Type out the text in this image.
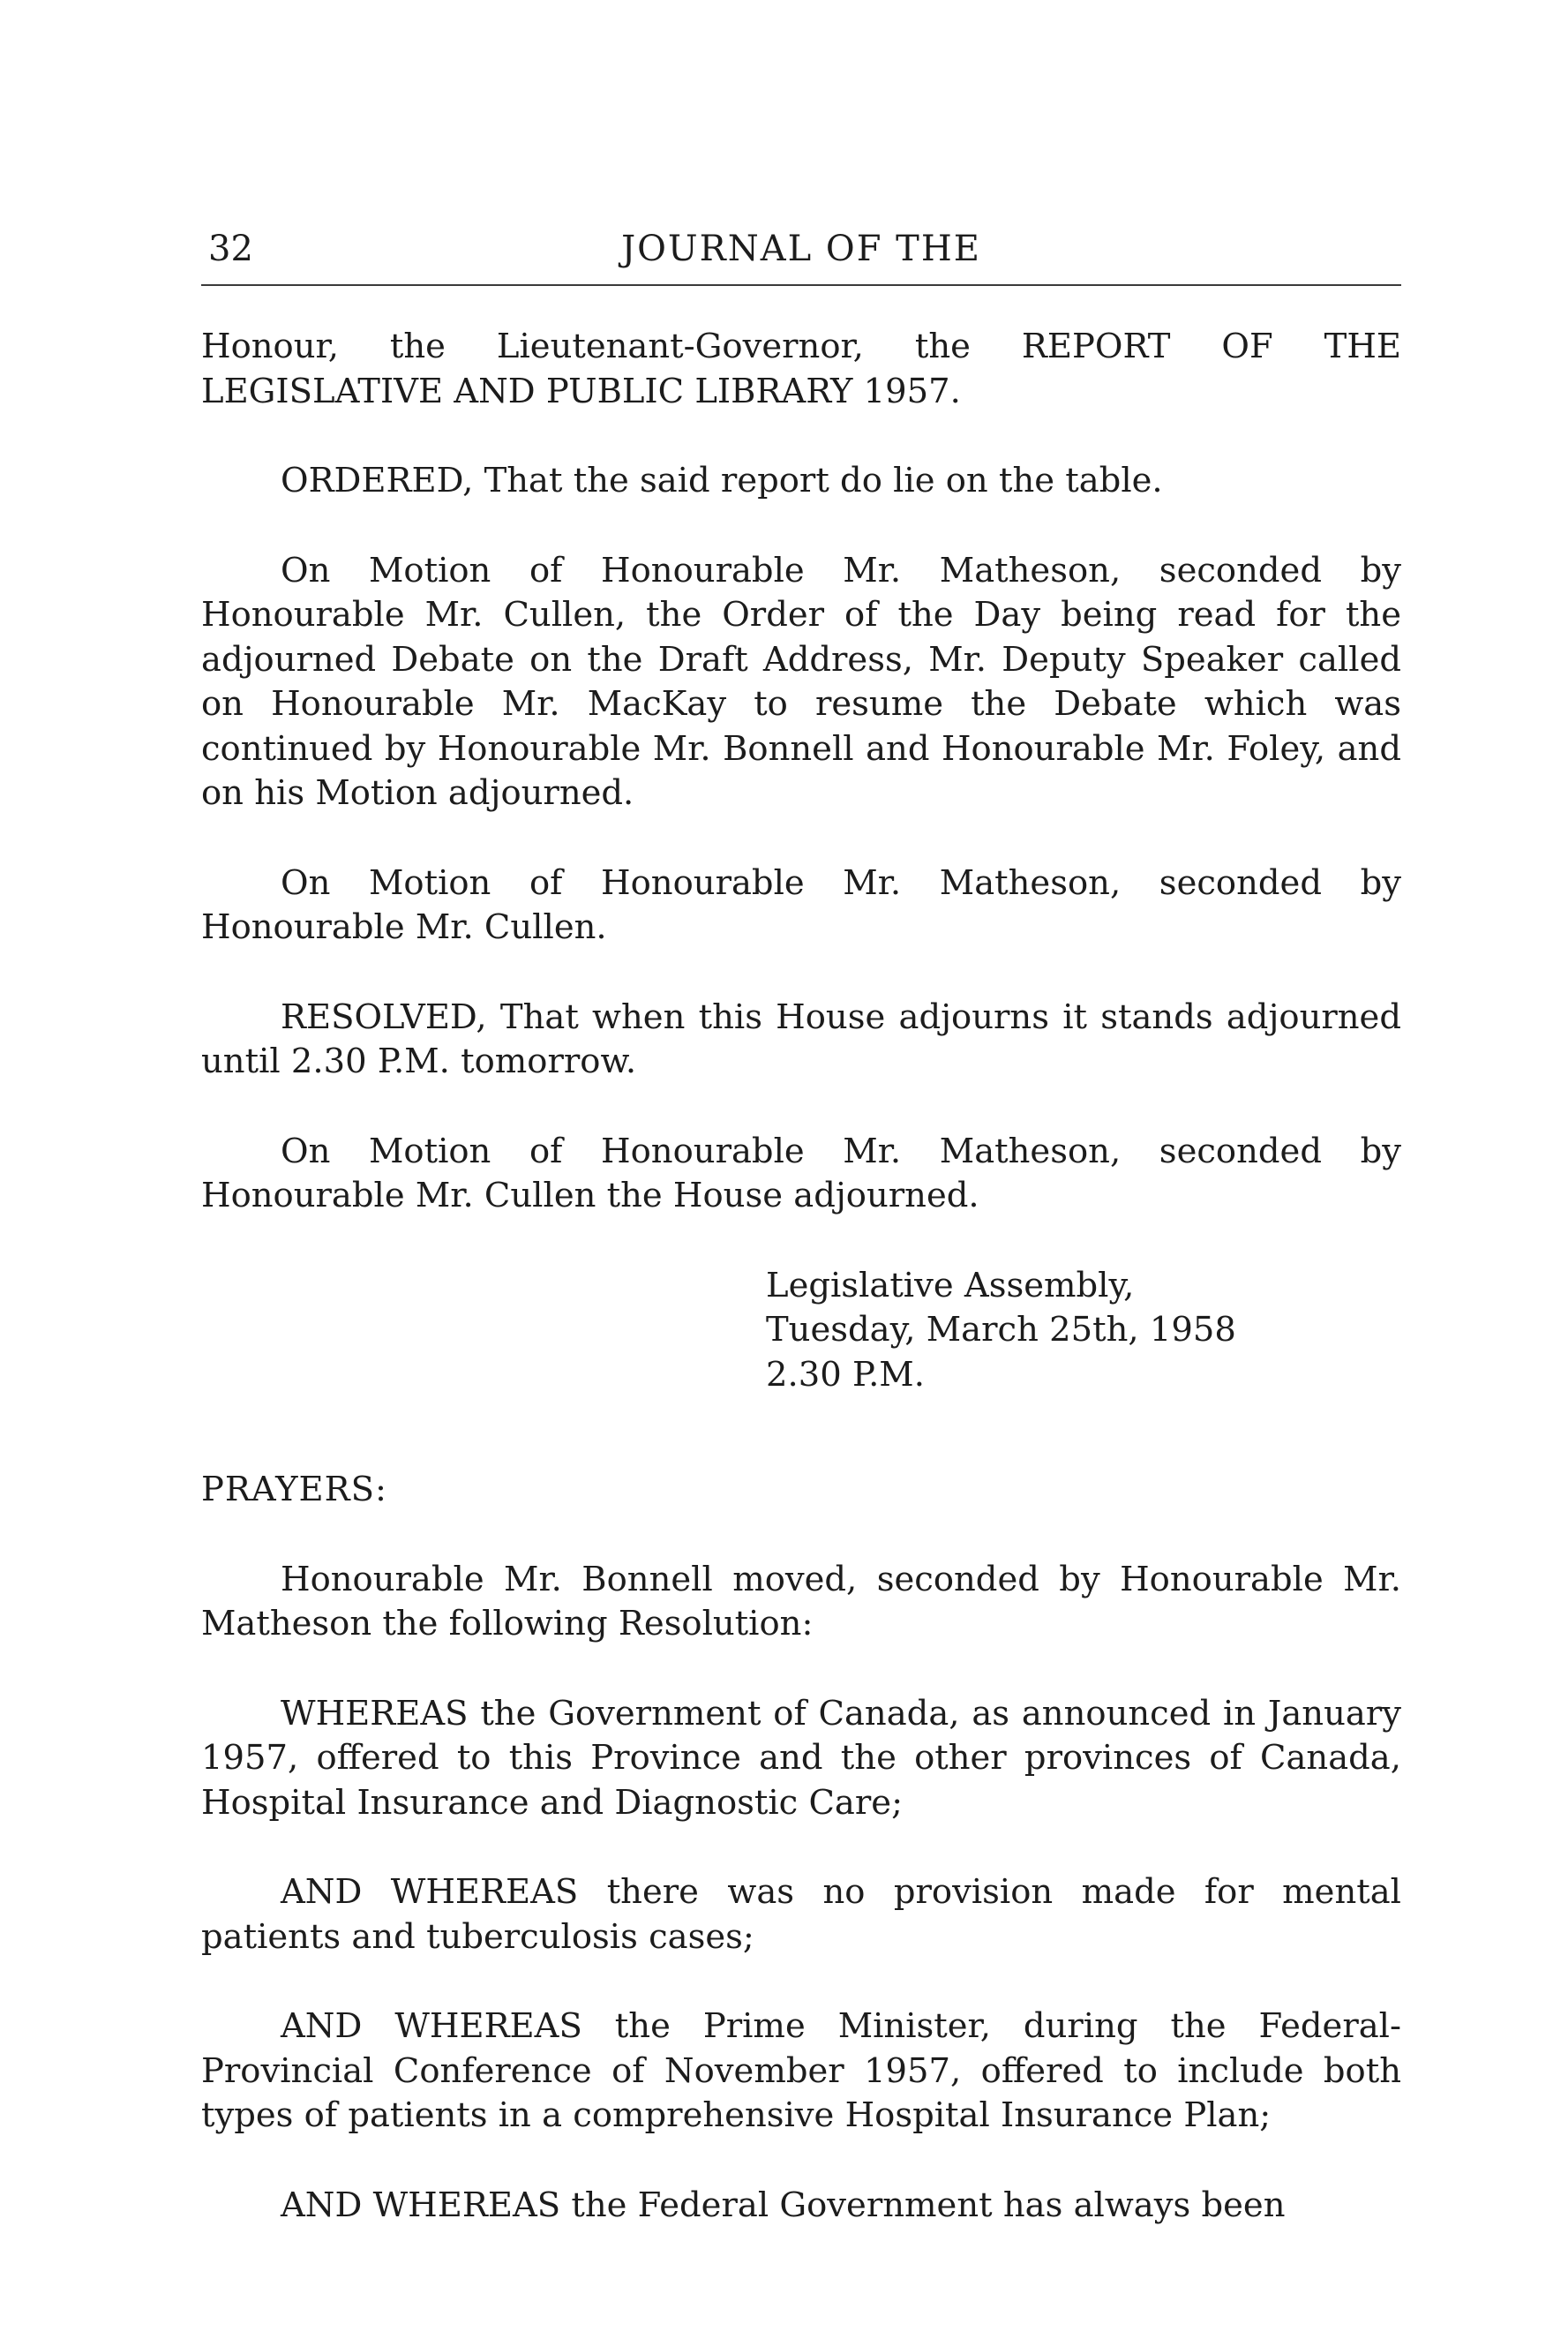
32	JOURNAL OF THE

Honour, the Lieutenant-Governor, the REPORT OF THE LEGISLATIVE AND PUBLIC LIBRARY 1957.

ORDERED, That the said report do lie on the table.

On Motion of Honourable Mr. Matheson, seconded by Honourable Mr. Cullen, the Order of the Day being read for the adjourned Debate on the Draft Address, Mr. Deputy Speaker called on Honourable Mr. MacKay to resume the Debate which was continued by Honourable Mr. Bonnell and Honourable Mr. Foley, and on his Motion adjourned.

On Motion of Honourable Mr. Matheson, seconded by Honourable Mr. Cullen.

RESOLVED, That when this House adjourns it stands adjourned until 2.30 P.M. tomorrow.

On Motion of Honourable Mr. Matheson, seconded by Honourable Mr. Cullen the House adjourned.

Legislative Assembly,
Tuesday, March 25th, 1958
2.30 P.M.

PRAYERS:

Honourable Mr. Bonnell moved, seconded by Honourable Mr. Matheson the following Resolution:

WHEREAS the Government of Canada, as announced in January 1957, offered to this Province and the other provinces of Canada, Hospital Insurance and Diagnostic Care;

AND WHEREAS there was no provision made for mental patients and tuberculosis cases;

AND WHEREAS the Prime Minister, during the Federal-Provincial Conference of November 1957, offered to include both types of patients in a comprehensive Hospital Insurance Plan;

AND WHEREAS the Federal Government has always been
